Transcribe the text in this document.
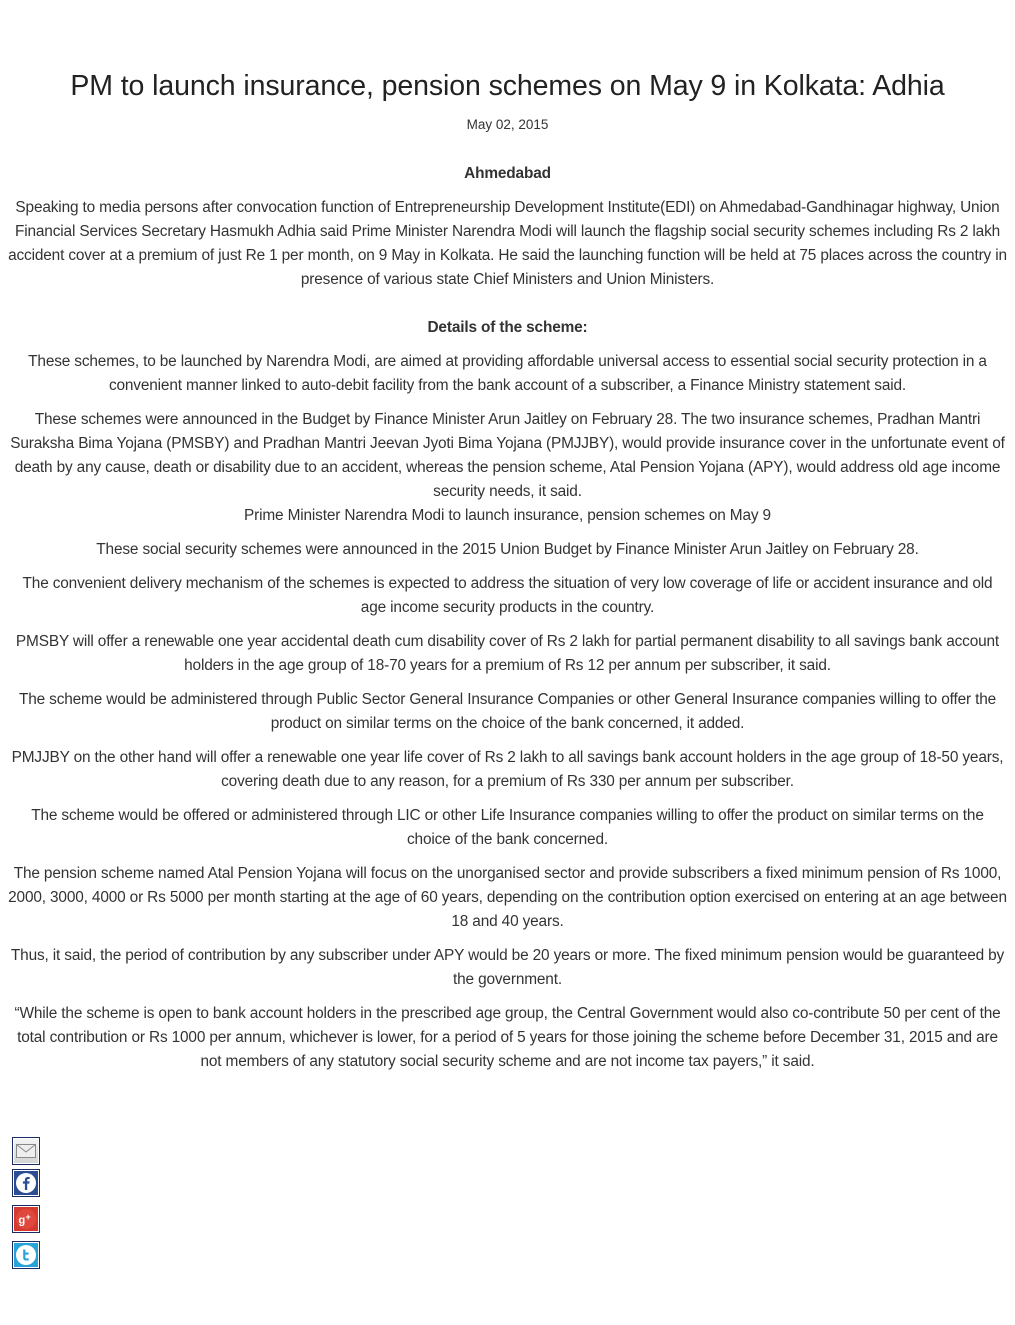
PM to launch insurance, pension schemes on May 9 in Kolkata: Adhia
May 02, 2015

Ahmedabad

Speaking to media persons after convocation function of Entrepreneurship Development Institute(EDI) on Ahmedabad-Gandhinagar highway, Union Financial Services Secretary Hasmukh Adhia said Prime Minister Narendra Modi will launch the flagship social security schemes including Rs 2 lakh accident cover at a premium of just Re 1 per month, on 9 May in Kolkata. He said the launching function will be held at 75 places across the country in presence of various state Chief Ministers and Union Ministers.

Details of the scheme:

These schemes, to be launched by Narendra Modi, are aimed at providing affordable universal access to essential social security protection in a convenient manner linked to auto-debit facility from the bank account of a subscriber, a Finance Ministry statement said.

These schemes were announced in the Budget by Finance Minister Arun Jaitley on February 28. The two insurance schemes, Pradhan Mantri Suraksha Bima Yojana (PMSBY) and Pradhan Mantri Jeevan Jyoti Bima Yojana (PMJJBY), would provide insurance cover in the unfortunate event of death by any cause, death or disability due to an accident, whereas the pension scheme, Atal Pension Yojana (APY), would address old age income security needs, it said.

Prime Minister Narendra Modi to launch insurance, pension schemes on May 9

These social security schemes were announced in the 2015 Union Budget by Finance Minister Arun Jaitley on February 28.

The convenient delivery mechanism of the schemes is expected to address the situation of very low coverage of life or accident insurance and old age income security products in the country.

PMSBY will offer a renewable one year accidental death cum disability cover of Rs 2 lakh for partial permanent disability to all savings bank account holders in the age group of 18-70 years for a premium of Rs 12 per annum per subscriber, it said.

The scheme would be administered through Public Sector General Insurance Companies or other General Insurance companies willing to offer the product on similar terms on the choice of the bank concerned, it added.

PMJJBY on the other hand will offer a renewable one year life cover of Rs 2 lakh to all savings bank account holders in the age group of 18-50 years, covering death due to any reason, for a premium of Rs 330 per annum per subscriber.

The scheme would be offered or administered through LIC or other Life Insurance companies willing to offer the product on similar terms on the choice of the bank concerned.

The pension scheme named Atal Pension Yojana will focus on the unorganised sector and provide subscribers a fixed minimum pension of Rs 1000, 2000, 3000, 4000 or Rs 5000 per month starting at the age of 60 years, depending on the contribution option exercised on entering at an age between 18 and 40 years.

Thus, it said, the period of contribution by any subscriber under APY would be 20 years or more. The fixed minimum pension would be guaranteed by the government.

“While the scheme is open to bank account holders in the prescribed age group, the Central Government would also co-contribute 50 per cent of the total contribution or Rs 1000 per annum, whichever is lower, for a period of 5 years for those joining the scheme before December 31, 2015 and are not members of any statutory social security scheme and are not income tax payers,” it said.

g +
